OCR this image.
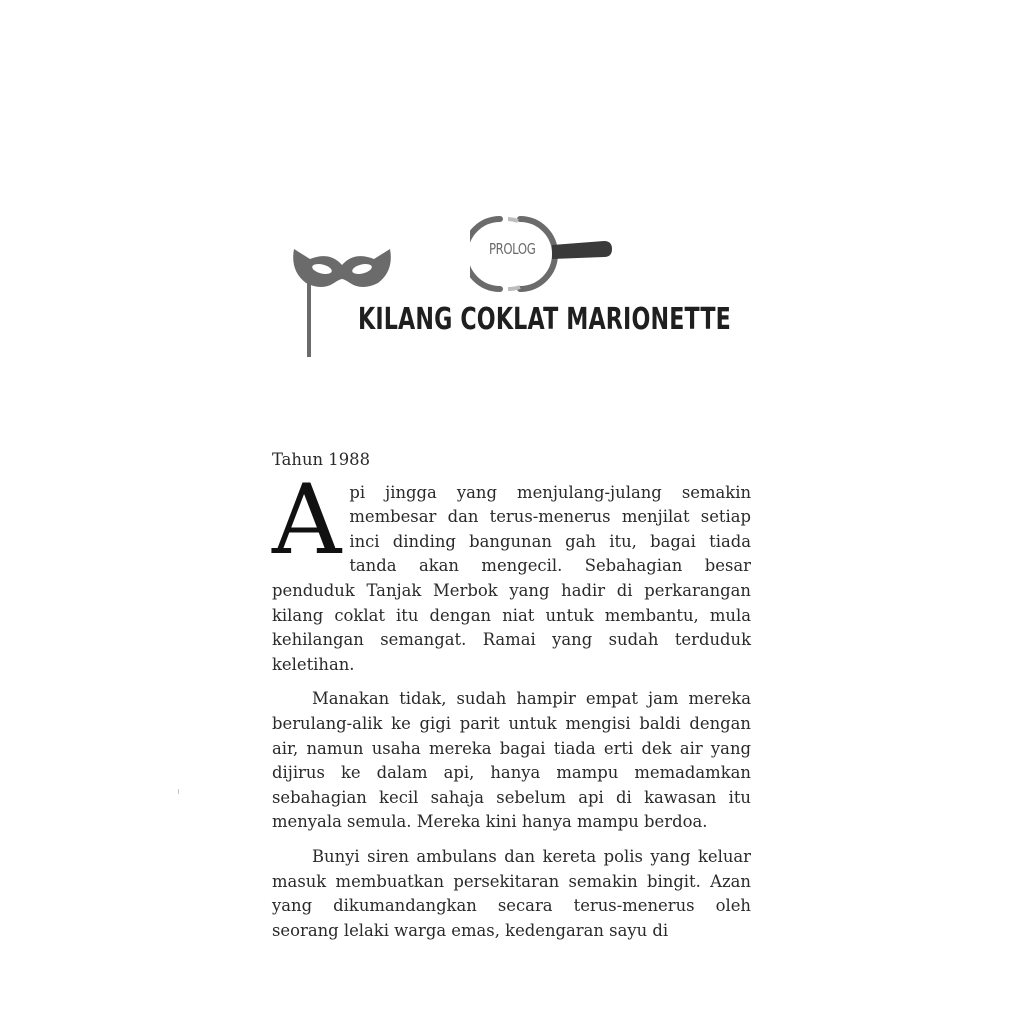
PROLOG
KILANG COKLAT MARIONETTE

Tahun 1988

Api jingga yang menjulang-julang semakin membesar dan terus-menerus menjilat setiap inci dinding bangunan gah itu, bagai tiada tanda akan mengecil. Sebahagian besar penduduk Tanjak Merbok yang hadir di perkarangan kilang coklat itu dengan niat untuk membantu, mula kehilangan semangat. Ramai yang sudah terduduk keletihan.

Manakan tidak, sudah hampir empat jam mereka berulang-alik ke gigi parit untuk mengisi baldi dengan air, namun usaha mereka bagai tiada erti dek air yang dijirus ke dalam api, hanya mampu memadamkan sebahagian kecil sahaja sebelum api di kawasan itu menyala semula. Mereka kini hanya mampu berdoa.

Bunyi siren ambulans dan kereta polis yang keluar masuk membuatkan persekitaran semakin bingit. Azan yang dikumandangkan secara terus-menerus oleh seorang lelaki warga emas, kedengaran sayu di
